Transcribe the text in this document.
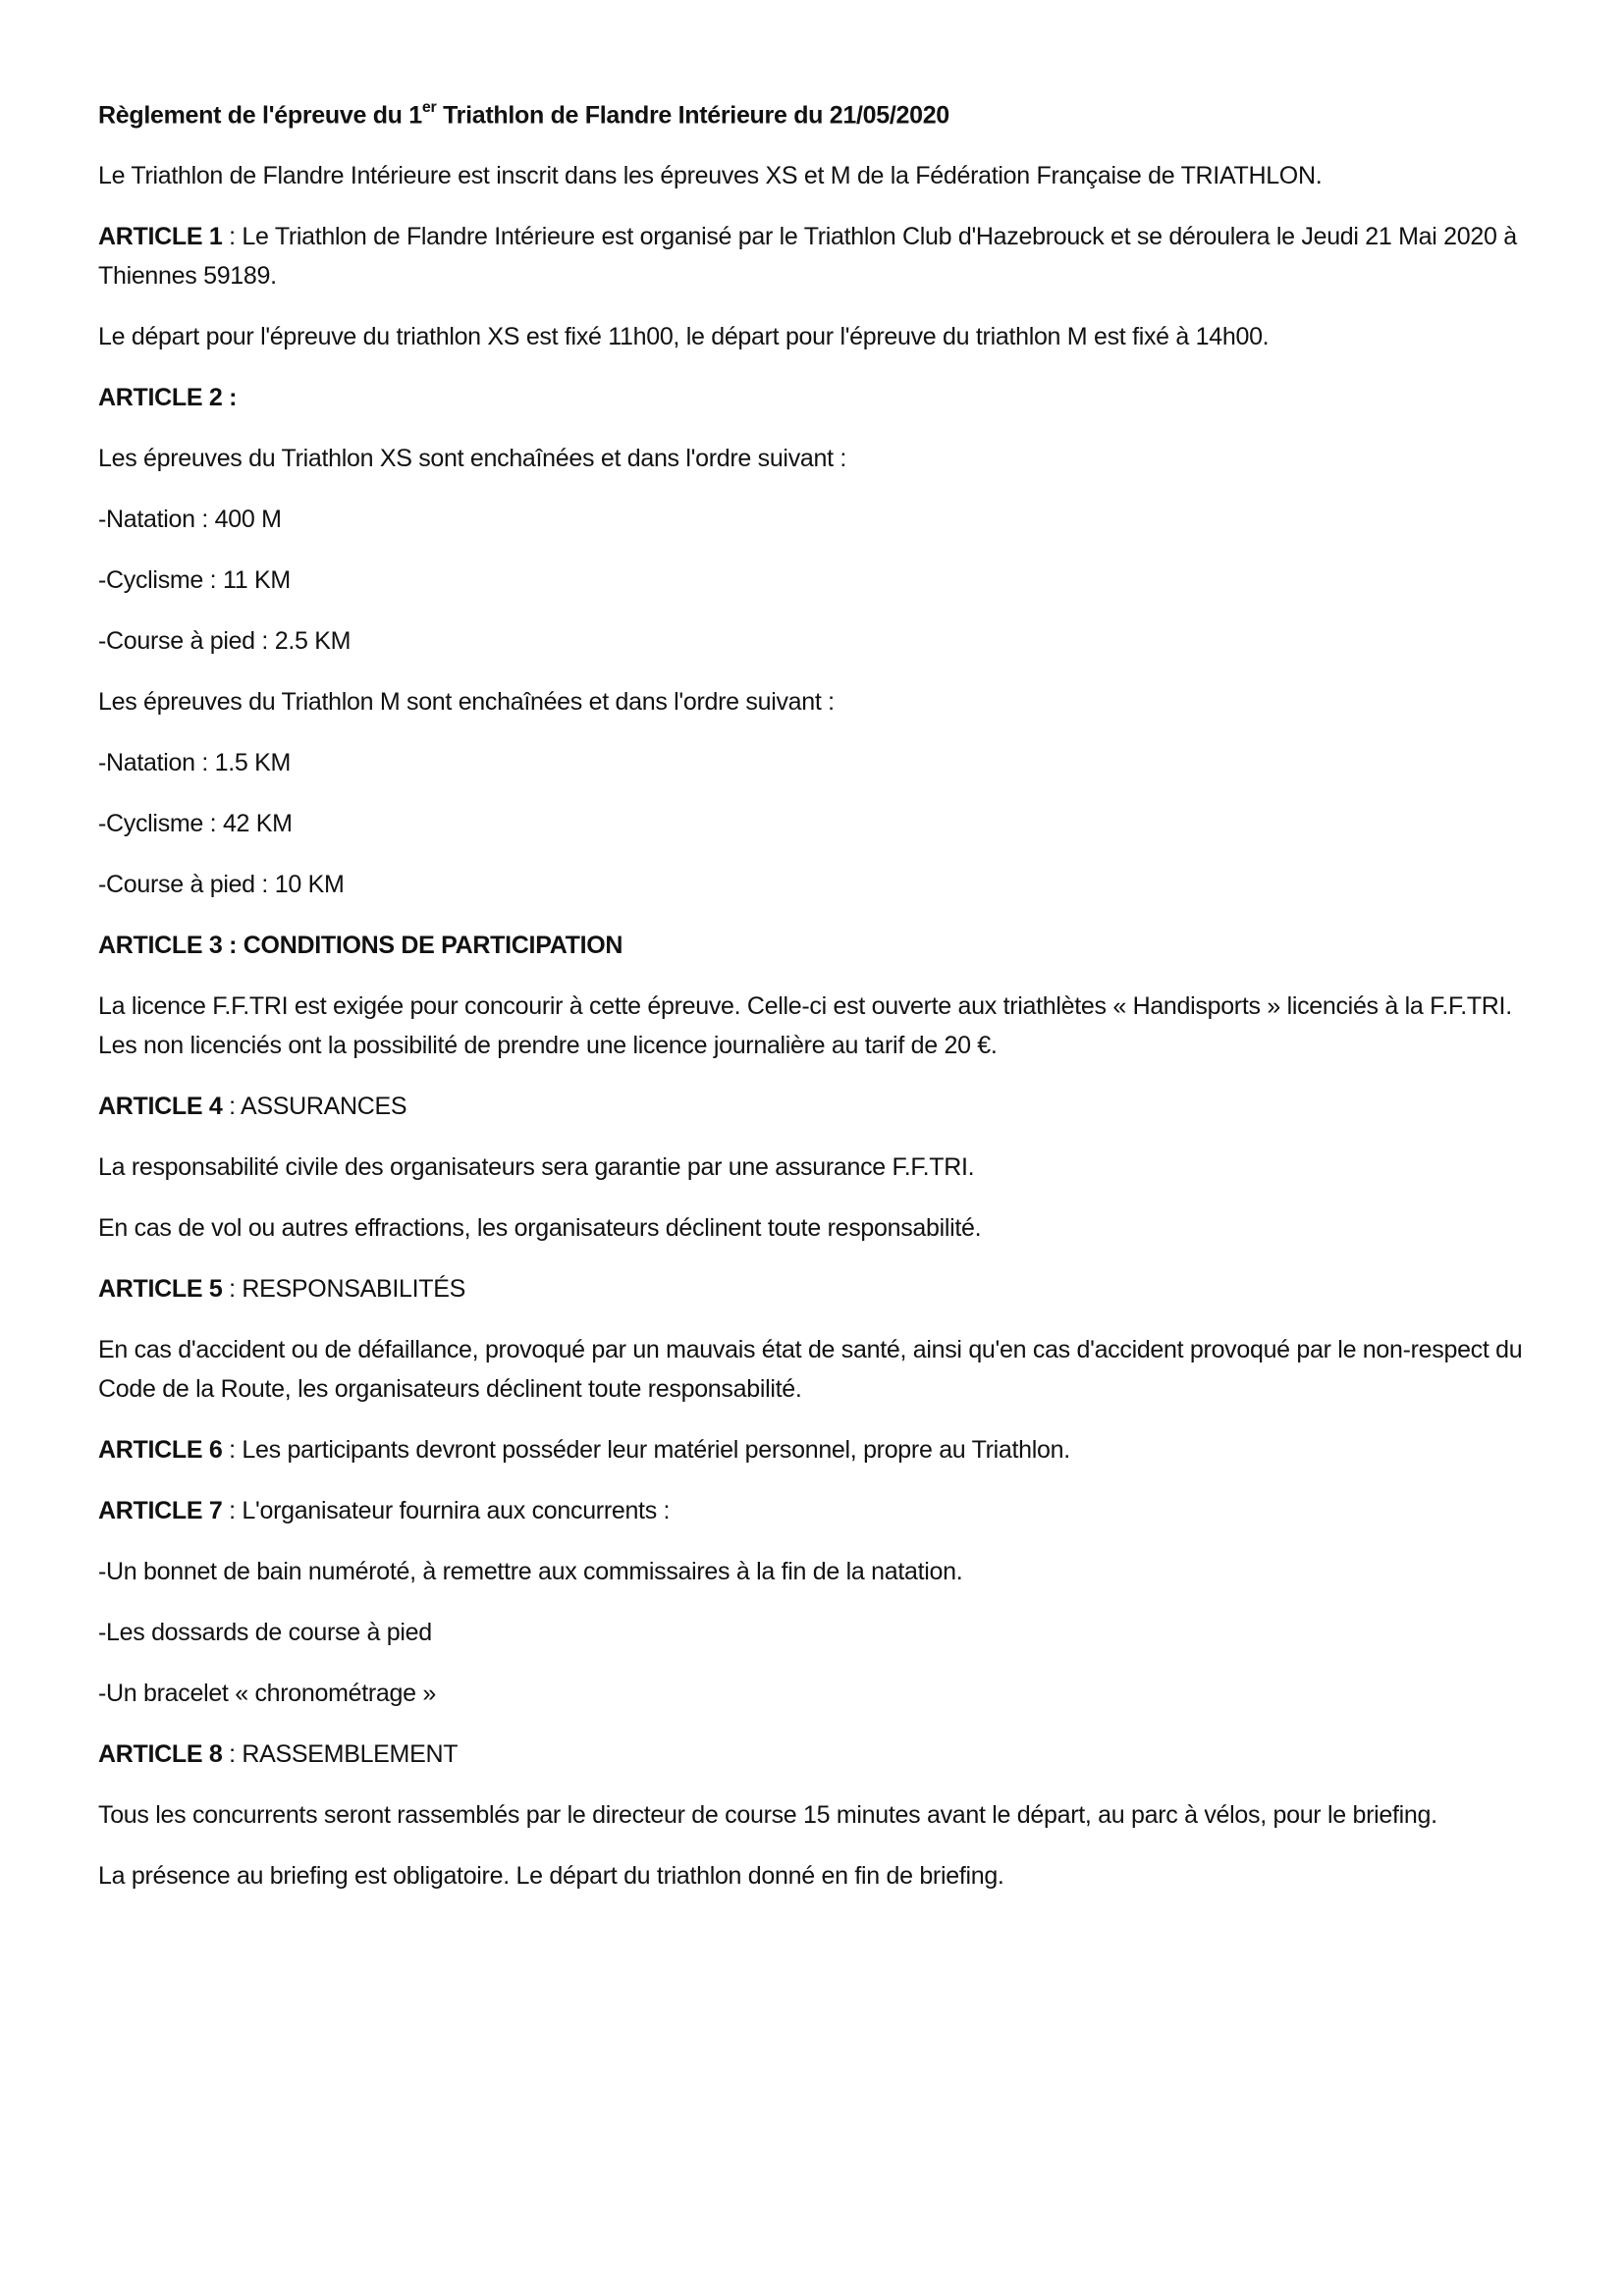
Règlement de l'épreuve du 1er Triathlon de Flandre Intérieure du 21/05/2020

Le Triathlon de Flandre Intérieure est inscrit dans les épreuves XS et M de la Fédération Française de TRIATHLON.

ARTICLE 1 : Le Triathlon de Flandre Intérieure est organisé par le Triathlon Club d'Hazebrouck et se déroulera le Jeudi 21 Mai 2020 à Thiennes 59189.

Le départ pour l'épreuve du triathlon XS est fixé 11h00, le départ pour l'épreuve du triathlon M est fixé à 14h00.

ARTICLE 2 :

Les épreuves du Triathlon XS sont enchaînées et dans l'ordre suivant :

-Natation : 400 M

-Cyclisme : 11 KM

-Course à pied : 2.5 KM

Les épreuves du Triathlon M sont enchaînées et dans l'ordre suivant :

-Natation : 1.5 KM

-Cyclisme : 42 KM

-Course à pied : 10 KM

ARTICLE 3 : CONDITIONS DE PARTICIPATION

La licence F.F.TRI est exigée pour concourir à cette épreuve. Celle-ci est ouverte aux triathlètes « Handisports » licenciés à la F.F.TRI. Les non licenciés ont la possibilité de prendre une licence journalière au tarif de 20 €.

ARTICLE 4 : ASSURANCES

La responsabilité civile des organisateurs sera garantie par une assurance F.F.TRI.

En cas de vol ou autres effractions, les organisateurs déclinent toute responsabilité.

ARTICLE 5 : RESPONSABILITÉS

En cas d'accident ou de défaillance, provoqué par un mauvais état de santé, ainsi qu'en cas d'accident provoqué par le non-respect du Code de la Route, les organisateurs déclinent toute responsabilité.

ARTICLE 6 : Les participants devront posséder leur matériel personnel, propre au Triathlon.

ARTICLE 7 : L'organisateur fournira aux concurrents :

-Un bonnet de bain numéroté, à remettre aux commissaires à la fin de la natation.

-Les dossards de course à pied

-Un bracelet « chronométrage »

ARTICLE 8 : RASSEMBLEMENT

Tous les concurrents seront rassemblés par le directeur de course 15 minutes avant le départ, au parc à vélos, pour le briefing.

La présence au briefing est obligatoire. Le départ du triathlon donné en fin de briefing.
